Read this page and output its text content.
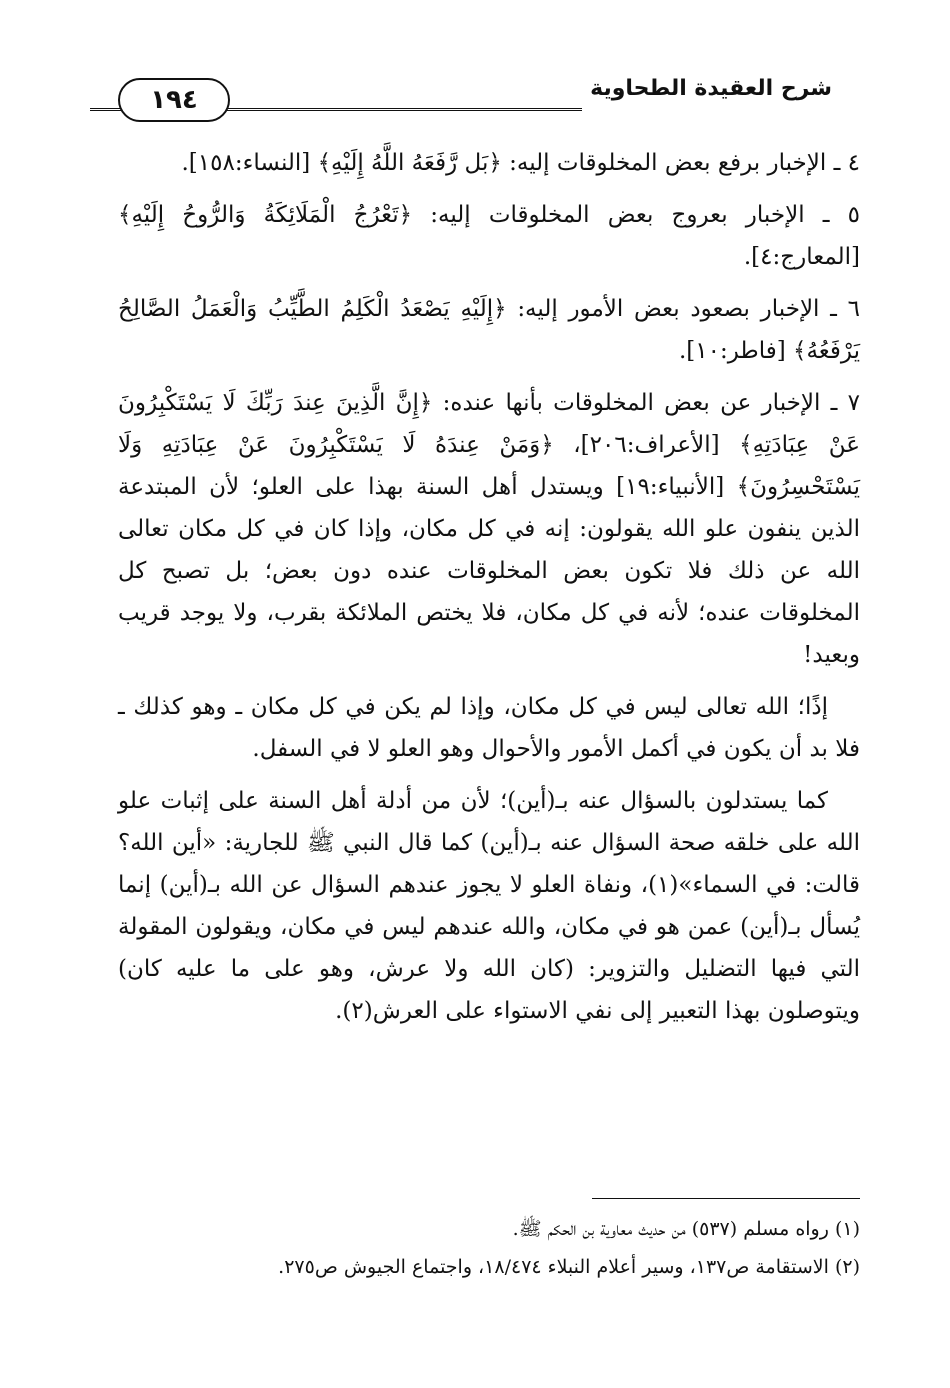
شرح العقيدة الطحاوية
١٩٤

٤ ـ الإخبار برفع بعض المخلوقات إليه: ﴿بَل رَّفَعَهُ اللَّهُ إِلَيْهِ﴾ [النساء:١٥٨].

٥ ـ الإخبار بعروج بعض المخلوقات إليه: ﴿تَعْرُجُ الْمَلَائِكَةُ وَالرُّوحُ إِلَيْهِ﴾ [المعارج:٤].

٦ ـ الإخبار بصعود بعض الأمور إليه: ﴿إِلَيْهِ يَصْعَدُ الْكَلِمُ الطَّيِّبُ وَالْعَمَلُ الصَّالِحُ يَرْفَعُهُ﴾ [فاطر:١٠].

٧ ـ الإخبار عن بعض المخلوقات بأنها عنده: ﴿إِنَّ الَّذِينَ عِندَ رَبِّكَ لَا يَسْتَكْبِرُونَ عَنْ عِبَادَتِهِ﴾ [الأعراف:٢٠٦]، ﴿وَمَنْ عِندَهُ لَا يَسْتَكْبِرُونَ عَنْ عِبَادَتِهِ وَلَا يَسْتَحْسِرُونَ﴾ [الأنبياء:١٩] ويستدل أهل السنة بهذا على العلو؛ لأن المبتدعة الذين ينفون علو الله يقولون: إنه في كل مكان، وإذا كان في كل مكان تعالى الله عن ذلك فلا تكون بعض المخلوقات عنده دون بعض؛ بل تصبح كل المخلوقات عنده؛ لأنه في كل مكان، فلا يختص الملائكة بقرب، ولا يوجد قريب وبعيد!

إذًا؛ الله تعالى ليس في كل مكان، وإذا لم يكن في كل مكان ـ وهو كذلك ـ فلا بد أن يكون في أكمل الأمور والأحوال وهو العلو لا في السفل.

كما يستدلون بالسؤال عنه بـ(أين)؛ لأن من أدلة أهل السنة على إثبات علو الله على خلقه صحة السؤال عنه بـ(أين) كما قال النبي ﷺ للجارية: «أين الله؟ قالت: في السماء»(١)، ونفاة العلو لا يجوز عندهم السؤال عن الله بـ(أين) إنما يُسأل بـ(أين) عمن هو في مكان، والله عندهم ليس في مكان، ويقولون المقولة التي فيها التضليل والتزوير: (كان الله ولا عرش، وهو على ما عليه كان) ويتوصلون بهذا التعبير إلى نفي الاستواء على العرش(٢).

(١) رواه مسلم (٥٣٧) من حديث معاوية بن الحكم ﷺ.
(٢) الاستقامة ص١٣٧، وسير أعلام النبلاء ١٨/٤٧٤، واجتماع الجيوش ص٢٧٥.
